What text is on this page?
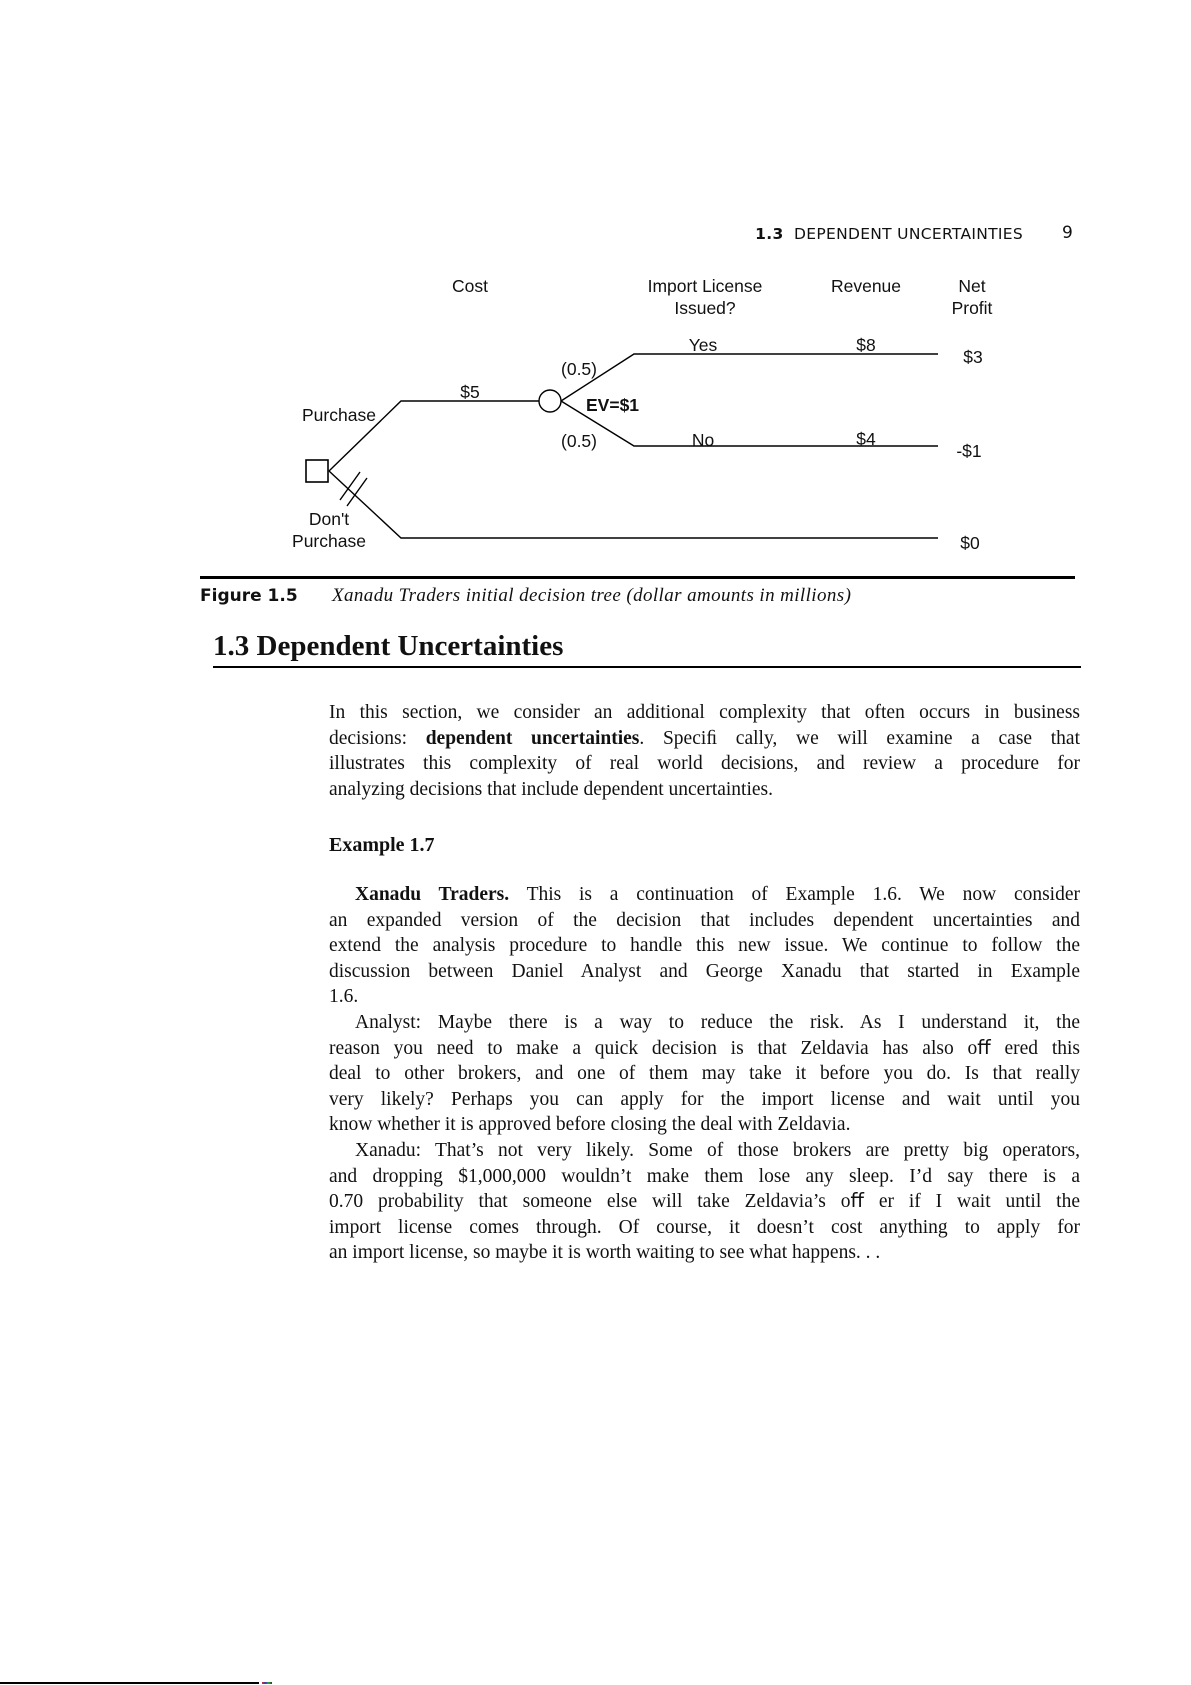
1.3 DEPENDENT UNCERTAINTIES 9
Cost	Import License
Issued?
Revenue	Net
Profit
Yes	$8
$3
(0.5)
$5
Purchase	EV=$1
(0.5)	No	$4
-$1
Don't
Purchase	$0
Figure 1.5 Xanadu Traders initial decision tree (dollar amounts in millions)
1.3 Dependent Uncertainties
In this section, we consider an additional complexity that often occurs in business
decisions: dependent uncertainties. Speciﬁ cally, we will examine a case that
illustrates this complexity of real world decisions, and review a procedure for
analyzing decisions that include dependent uncertainties.
Example 1.7
Xanadu Traders. This is a continuation of Example 1.6. We now consider
an expanded version of the decision that includes dependent uncertainties and
extend the analysis procedure to handle this new issue. We continue to follow the
discussion between Daniel Analyst and George Xanadu that started in Example
1.6.
Analyst: Maybe there is a way to reduce the risk. As I understand it, the
reason you need to make a quick decision is that Zeldavia has also oﬀ ered this
deal to other brokers, and one of them may take it before you do. Is that really
very likely? Perhaps you can apply for the import license and wait until you
know whether it is approved before closing the deal with Zeldavia.
Xanadu: That’s not very likely. Some of those brokers are pretty big operators,
and dropping $1,000,000 wouldn’t make them lose any sleep. I’d say there is a
0.70 probability that someone else will take Zeldavia’s oﬀ er if I wait until the
import license comes through. Of course, it doesn’t cost anything to apply for
an import license, so maybe it is worth waiting to see what happens. . .
